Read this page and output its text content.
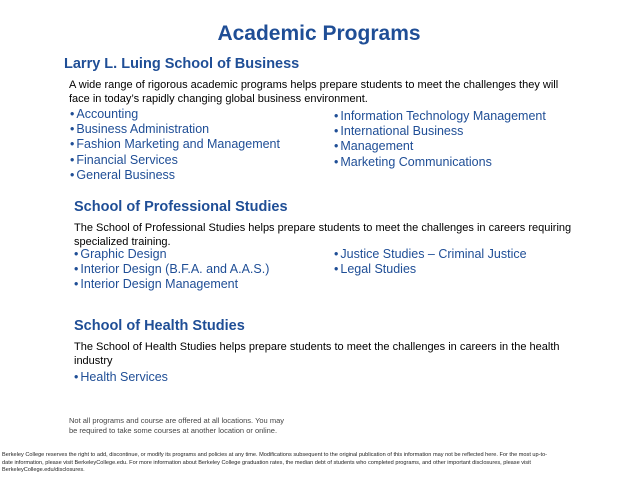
Academic Programs
Larry L. Luing School of Business
A wide range of rigorous academic programs helps prepare students to meet the challenges they will
face in today’s rapidly changing global business environment.
• Accounting
• Business Administration
• Fashion Marketing and Management
• Financial Services
• General Business
• Information Technology Management
• International Business
• Management
• Marketing Communications
School of Professional Studies
The School of Professional Studies helps prepare students to meet the challenges in careers requiring
specialized training.
• Graphic Design
• Interior Design (B.F.A. and A.A.S.)
• Interior Design Management
• Justice Studies – Criminal Justice
• Legal Studies
School of Health Studies
The School of Health Studies helps prepare students to meet the challenges in careers in the health
industry
• Health Services
Not all programs and course are offered at all locations. You may
be required to take some courses at another location or online.
Berkeley College reserves the right to add, discontinue, or modify its programs and policies at any time. Modifications subsequent to the original publication of this information may not be reflected here. For the most up-to-
date information, please visit BerkeleyCollege.edu. For more information about Berkeley College graduation rates, the median debt of students who completed programs, and other important disclosures, please visit
BerkeleyCollege.edu/disclosures.
